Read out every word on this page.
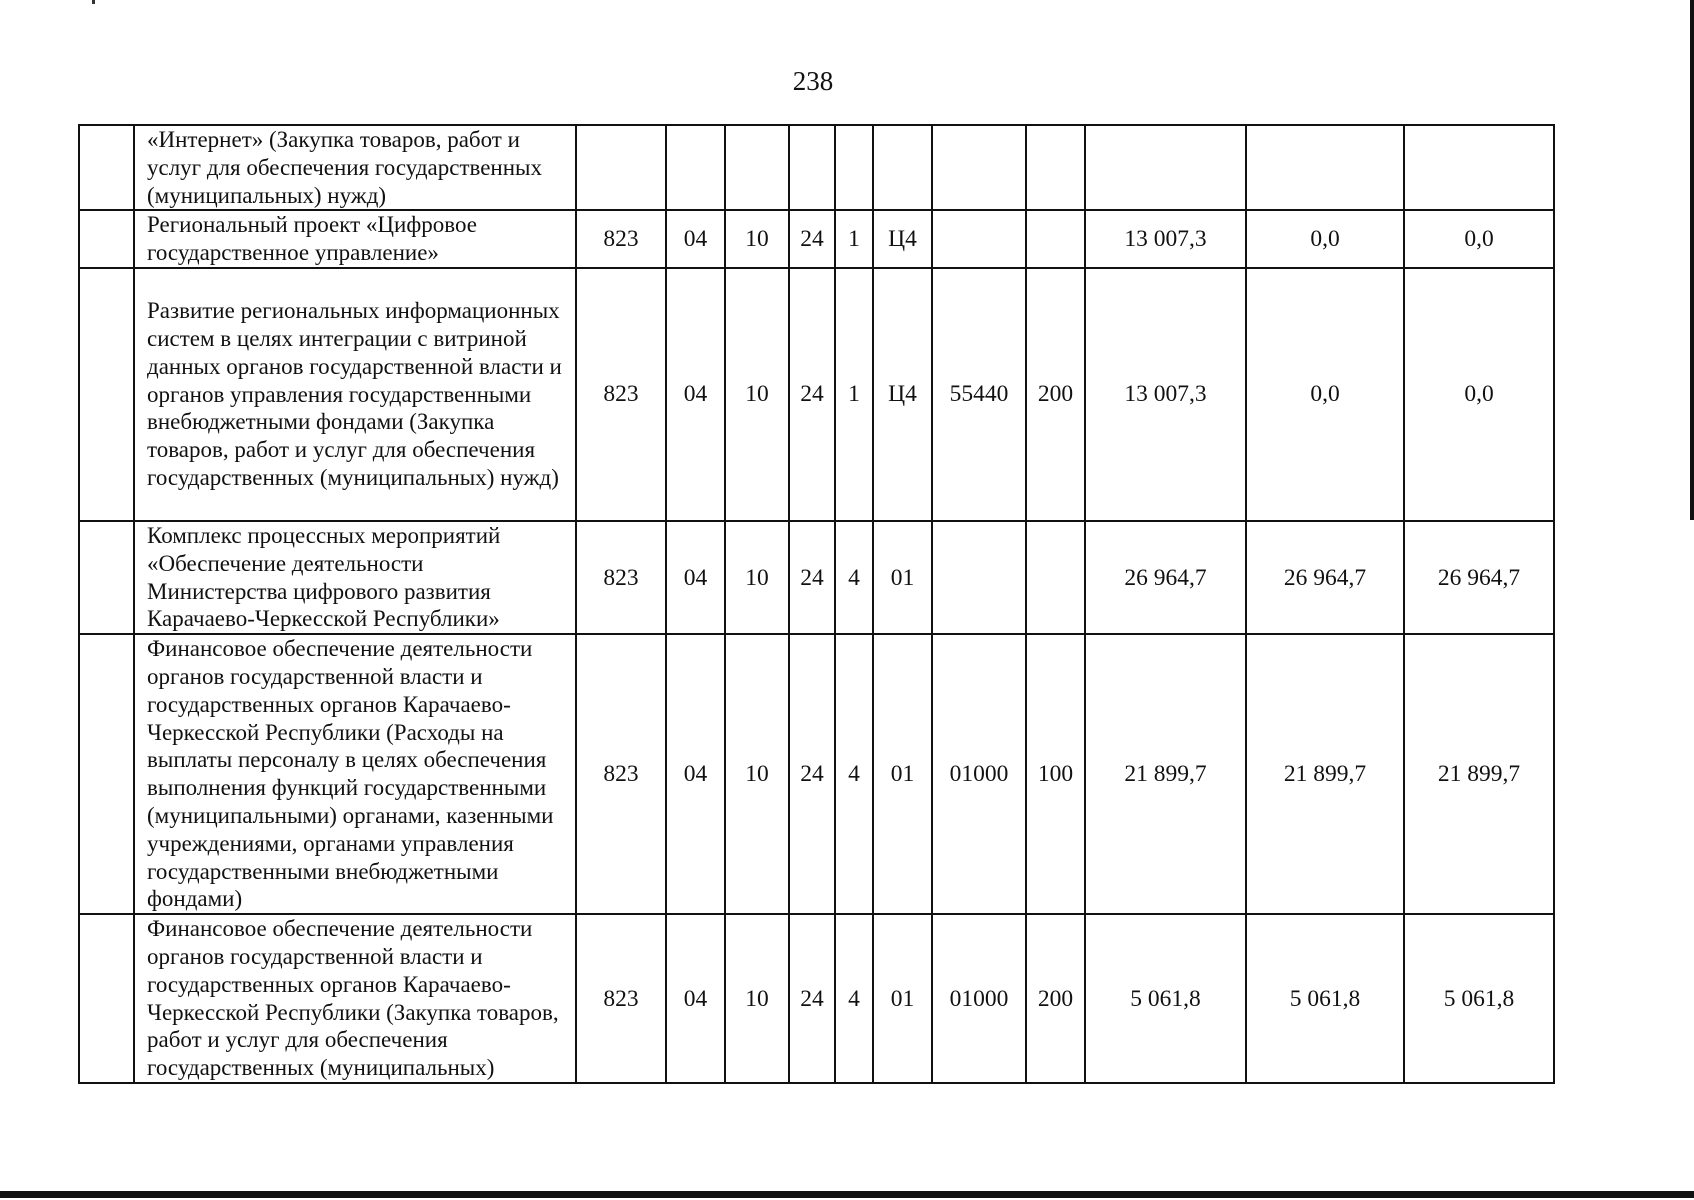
238
	«Интернет» (Закупка товаров, работ и услуг для обеспечения государственных (муниципальных) нужд)											
	Региональный проект «Цифровое государственное управление»	823	04	10	24	1	Ц4			13 007,3	0,0	0,0
	Развитие региональных информационных систем в целях интеграции с витриной данных органов государственной власти и органов управления государственными внебюджетными фондами (Закупка товаров, работ и услуг для обеспечения государственных (муниципальных) нужд)	823	04	10	24	1	Ц4	55440	200	13 007,3	0,0	0,0
	Комплекс процессных мероприятий «Обеспечение деятельности Министерства цифрового развития Карачаево-Черкесской Республики»	823	04	10	24	4	01			26 964,7	26 964,7	26 964,7
	Финансовое обеспечение деятельности органов государственной власти и государственных органов Карачаево-Черкесской Республики (Расходы на выплаты персоналу в целях обеспечения выполнения функций государственными (муниципальными) органами, казенными учреждениями, органами управления государственными внебюджетными фондами)	823	04	10	24	4	01	01000	100	21 899,7	21 899,7	21 899,7
	Финансовое обеспечение деятельности органов государственной власти и государственных органов Карачаево-Черкесской Республики (Закупка товаров, работ и услуг для обеспечения государственных (муниципальных)	823	04	10	24	4	01	01000	200	5 061,8	5 061,8	5 061,8
